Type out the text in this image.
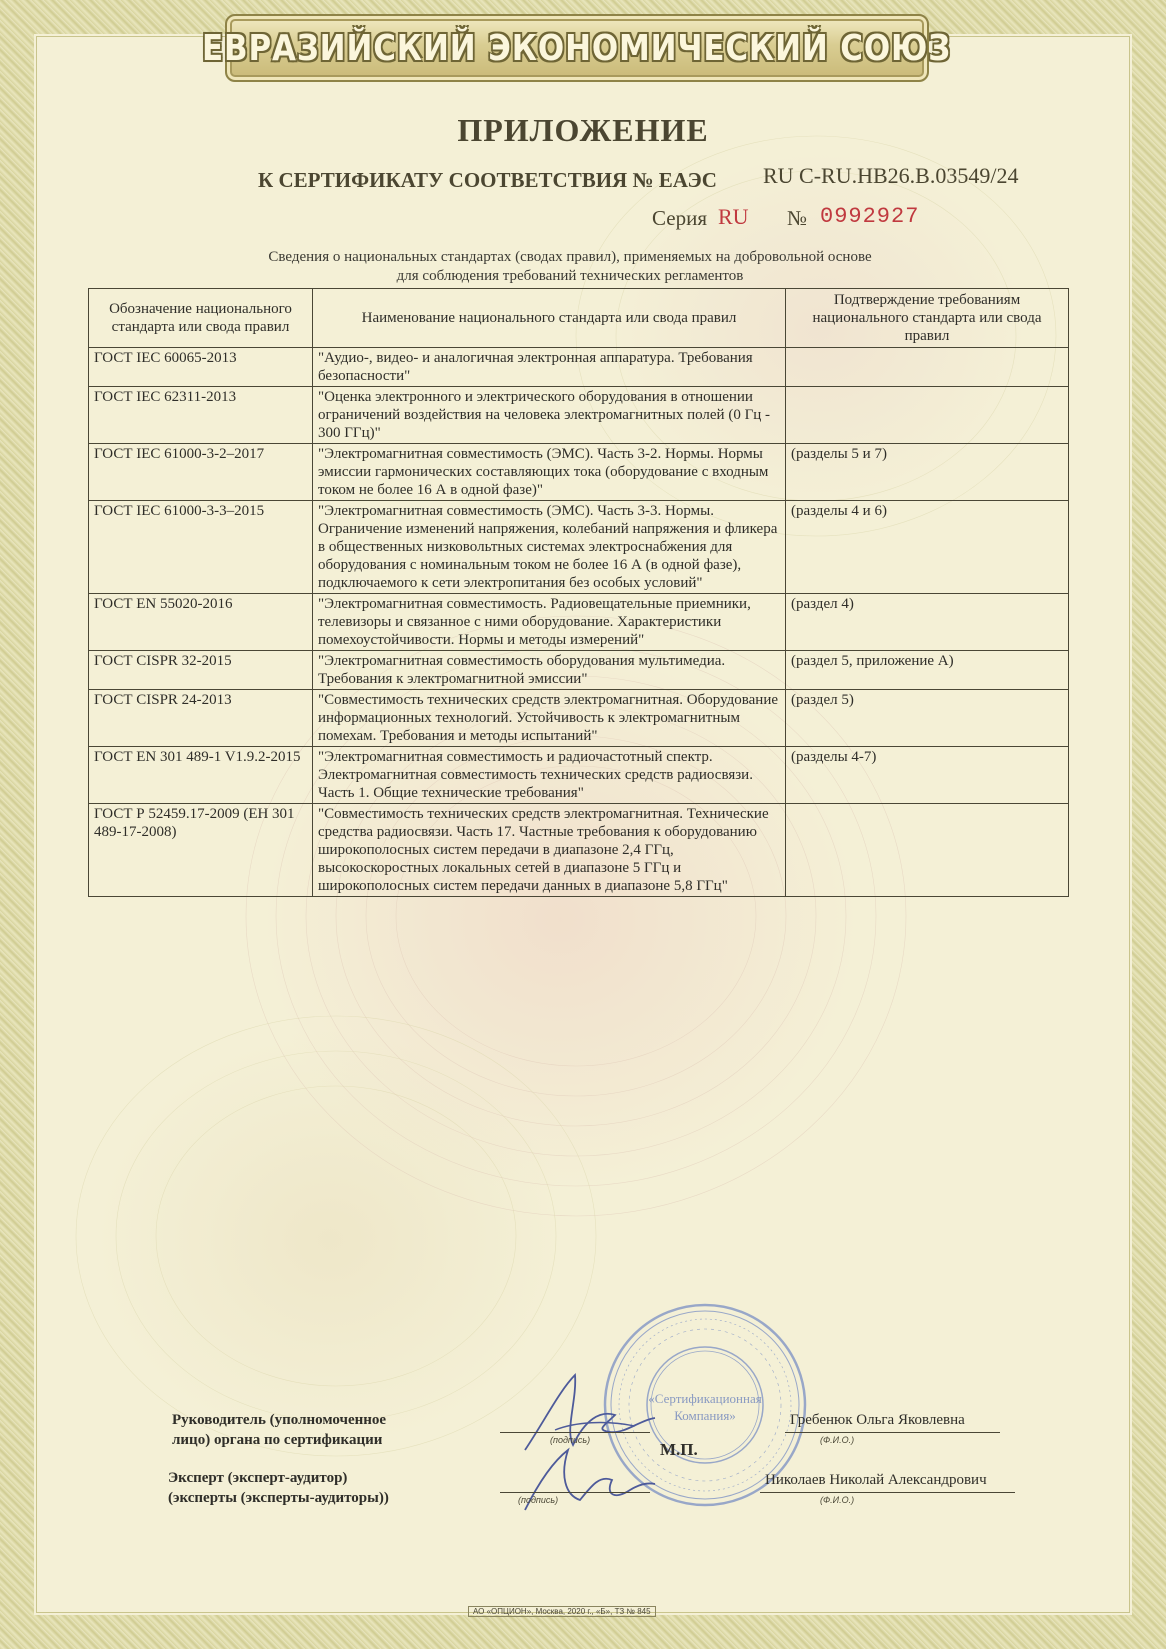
ЕВРАЗИЙСКИЙ ЭКОНОМИЧЕСКИЙ СОЮЗ
ПРИЛОЖЕНИЕ
К СЕРТИФИКАТУ СООТВЕТСТВИЯ № ЕАЭС RU C-RU.HB26.B.03549/24
Серия RU № 0992927
Сведения о национальных стандартах (сводах правил), применяемых на добровольной основе
для соблюдения требований технических регламентов
Обозначение национального стандарта или свода правил	Наименование национального стандарта или свода правил	Подтверждение требованиям национального стандарта или свода правил
ГОСТ IEC 60065-2013	"Аудио-, видео- и аналогичная электронная аппаратура. Требования безопасности"	
ГОСТ IEC 62311-2013	"Оценка электронного и электрического оборудования в отношении ограничений воздействия на человека электромагнитных полей (0 Гц - 300 ГГц)"	
ГОСТ IEC 61000-3-2–2017	"Электромагнитная совместимость (ЭМС). Часть 3-2. Нормы. Нормы эмиссии гармонических составляющих тока (оборудование с входным током не более 16 А в одной фазе)"	(разделы 5 и 7)
ГОСТ IEC 61000-3-3–2015	"Электромагнитная совместимость (ЭМС). Часть 3-3. Нормы. Ограничение изменений напряжения, колебаний напряжения и фликера в общественных низковольтных системах электроснабжения для оборудования с номинальным током не более 16 А (в одной фазе), подключаемого к сети электропитания без особых условий"	(разделы 4 и 6)
ГОСТ EN 55020-2016	"Электромагнитная совместимость. Радиовещательные приемники, телевизоры и связанное с ними оборудование. Характеристики помехоустойчивости. Нормы и методы измерений"	(раздел 4)
ГОСТ CISPR 32-2015	"Электромагнитная совместимость оборудования мультимедиа. Требования к электромагнитной эмиссии"	(раздел 5, приложение А)
ГОСТ CISPR 24-2013	"Совместимость технических средств электромагнитная. Оборудование информационных технологий. Устойчивость к электромагнитным помехам. Требования и методы испытаний"	(раздел 5)
ГОСТ EN 301 489-1 V1.9.2-2015	"Электромагнитная совместимость и радиочастотный спектр. Электромагнитная совместимость технических средств радиосвязи. Часть 1. Общие технические требования"	(разделы 4-7)
ГОСТ Р 52459.17-2009 (ЕН 301 489-17-2008)	"Совместимость технических средств электромагнитная. Технические средства радиосвязи. Часть 17. Частные требования к оборудованию широкополосных систем передачи в диапазоне 2,4 ГГц, высокоскоростных локальных сетей в диапазоне 5 ГГц и широкополосных систем передачи данных в диапазоне 5,8 ГГц"	
«Сертификационная
Компания»
Руководитель (уполномоченное
лицо) органа по сертификации	(подпись)
Гребенюк Ольга Яковлевна
(Ф.И.О.)
М.П.
Эксперт (эксперт-аудитор)
(эксперты (эксперты-аудиторы))	(подпись)
Николаев Николай Александрович
(Ф.И.О.)
АО «ОПЦИОН», Москва, 2020 г., «Б», ТЗ № 845
